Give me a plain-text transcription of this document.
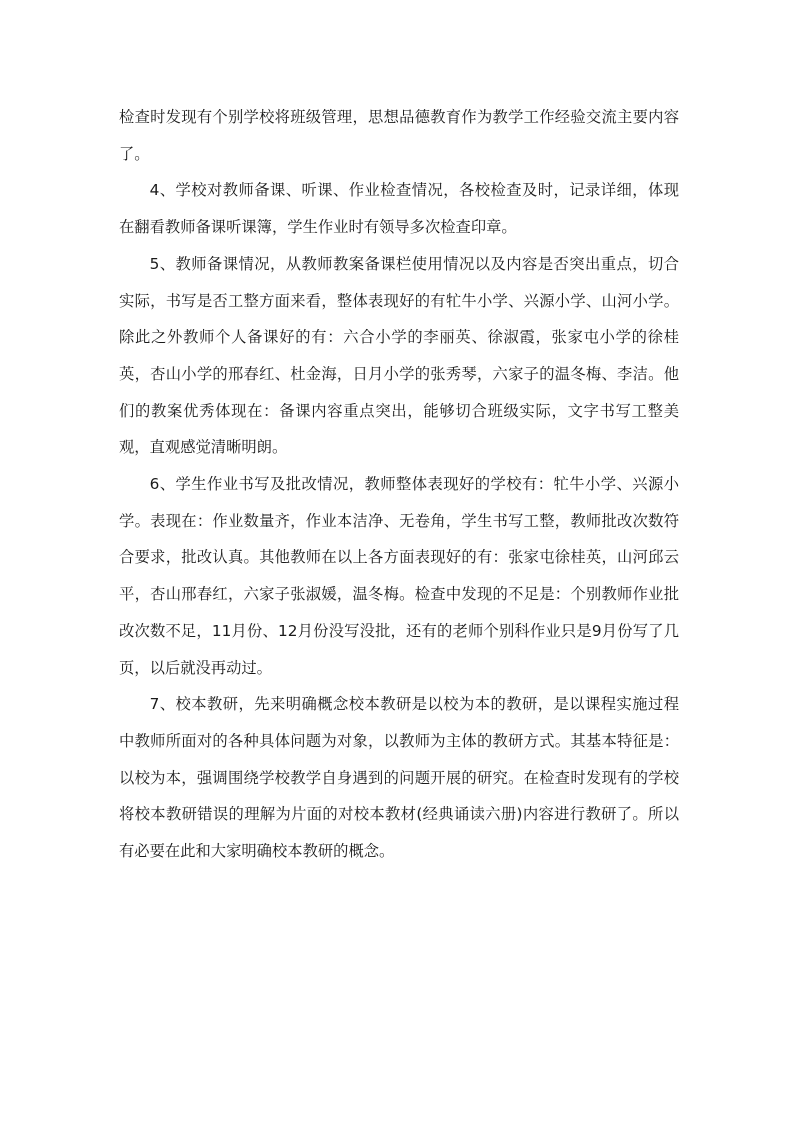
检查时发现有个别学校将班级管理，思想品德教育作为教学工作经验交流主要内容了。

4、学校对教师备课、听课、作业检查情况，各校检查及时，记录详细，体现在翻看教师备课听课簿，学生作业时有领导多次检查印章。

5、教师备课情况，从教师教案备课栏使用情况以及内容是否突出重点，切合实际，书写是否工整方面来看，整体表现好的有牤牛小学、兴源小学、山河小学。除此之外教师个人备课好的有：六合小学的李丽英、徐淑霞，张家屯小学的徐桂英，杏山小学的邢春红、杜金海，日月小学的张秀琴，六家子的温冬梅、李洁。他们的教案优秀体现在：备课内容重点突出，能够切合班级实际，文字书写工整美观，直观感觉清晰明朗。

6、学生作业书写及批改情况，教师整体表现好的学校有：牤牛小学、兴源小学。表现在：作业数量齐，作业本洁净、无卷角，学生书写工整，教师批改次数符合要求，批改认真。其他教师在以上各方面表现好的有：张家屯徐桂英，山河邱云平，杏山邢春红，六家子张淑媛，温冬梅。检查中发现的不足是：个别教师作业批改次数不足，11月份、12月份没写没批，还有的老师个别科作业只是9月份写了几页，以后就没再动过。

7、校本教研，先来明确概念校本教研是以校为本的教研，是以课程实施过程中教师所面对的各种具体问题为对象，以教师为主体的教研方式。其基本特征是：以校为本，强调围绕学校教学自身遇到的问题开展的研究。在检查时发现有的学校将校本教研错误的理解为片面的对校本教材(经典诵读六册)内容进行教研了。所以有必要在此和大家明确校本教研的概念。
